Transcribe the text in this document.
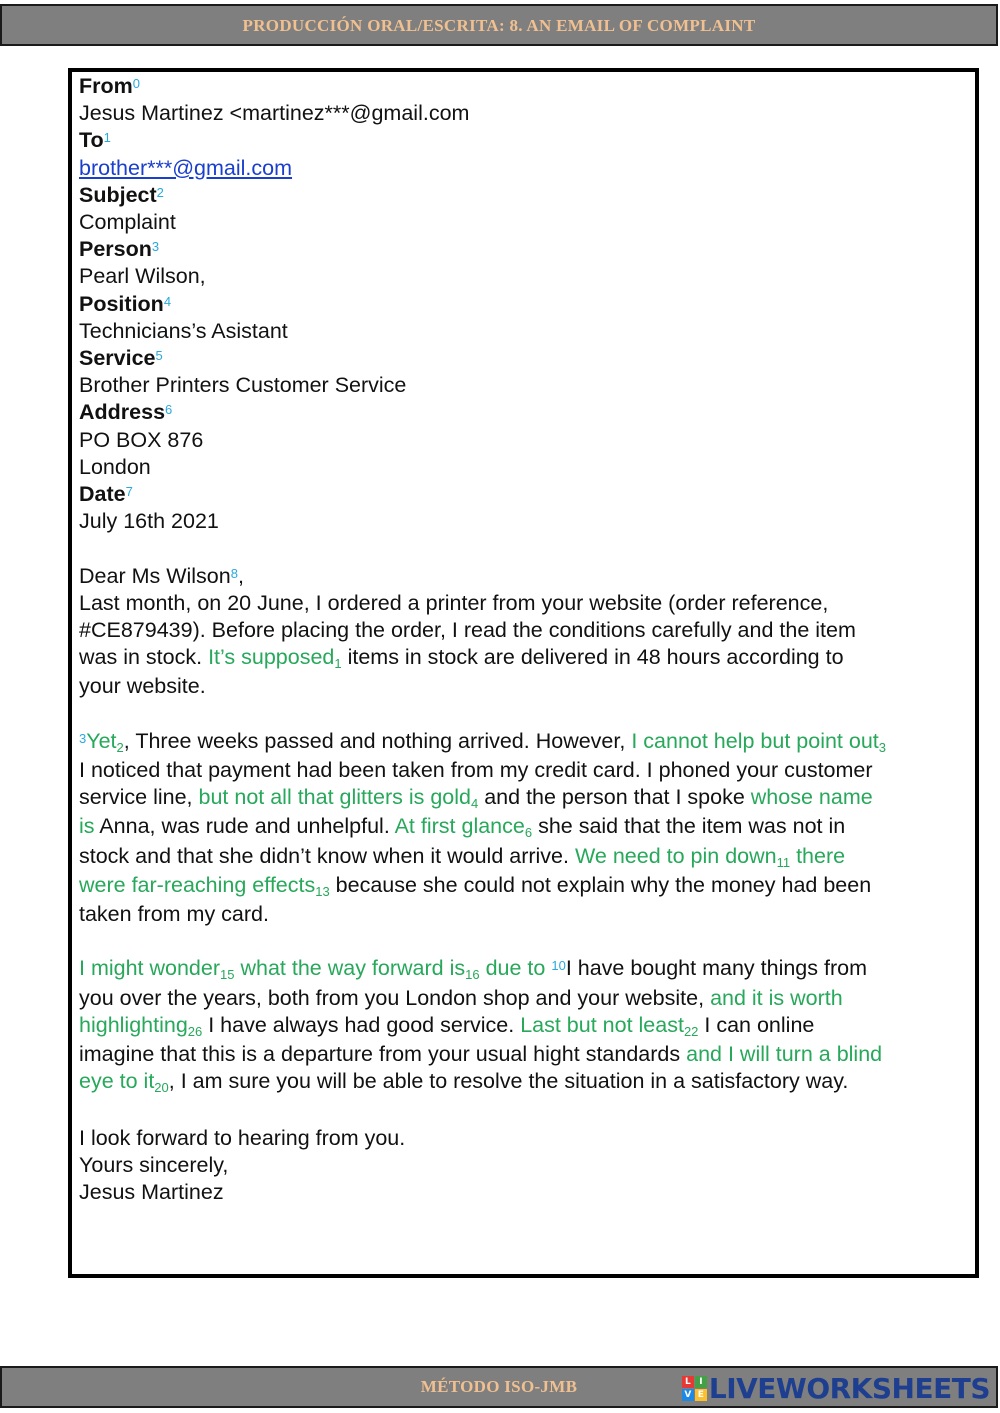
PRODUCCIÓN ORAL/ESCRITA: 8. AN EMAIL OF COMPLAINT
From$^0$
Jesus Martinez <martinez***@gmail.com
To$^1$
brother***@gmail.com
Subject$^2$
Complaint
Person$^3$
Pearl Wilson,
Position$^4$
Technicians’s Asistant
Service$^5$
Brother Printers Customer Service
Address$^6$
PO BOX 876
London
Date$^7$
July 16th 2021
Dear Ms Wilson$^8$,
Last month, on 20 June, I ordered a printer from your website (order reference,
#CE879439). Before placing the order, I read the conditions carefully and the item
was in stock. It’s supposed$_1$ items in stock are delivered in 48 hours according to
your website.
$^3$Yet$_2$, Three weeks passed and nothing arrived. However, I cannot help but point out$_3$
I noticed that payment had been taken from my credit card. I phoned your customer
service line, but not all that glitters is gold$_4$ and the person that I spoke whose name
is Anna, was rude and unhelpful. At first glance$_6$ she said that the item was not in
stock and that she didn’t know when it would arrive. We need to pin down$_{11}$ there
were far-reaching effects$_{13}$ because she could not explain why the money had been
taken from my card.
I might wonder$_{15}$ what the way forward $is_{16}$ due to $^{10}$I have bought many things from
you over the years, both from you London shop and your website, and it is worth
highlighting$_{26}$ I have always had good service. Last but not least$_{22}$ I can online
imagine that this is a departure from your usual hight standards and I will turn a blind
eye to $it_{20}$, I am sure you will be able to resolve the situation in a satisfactory way.
I look forward to hearing from you.
Yours sincerely,
Jesus Martinez
MÉTODO ISO-JMB	L I
V E LIVEWORKSHEETS
